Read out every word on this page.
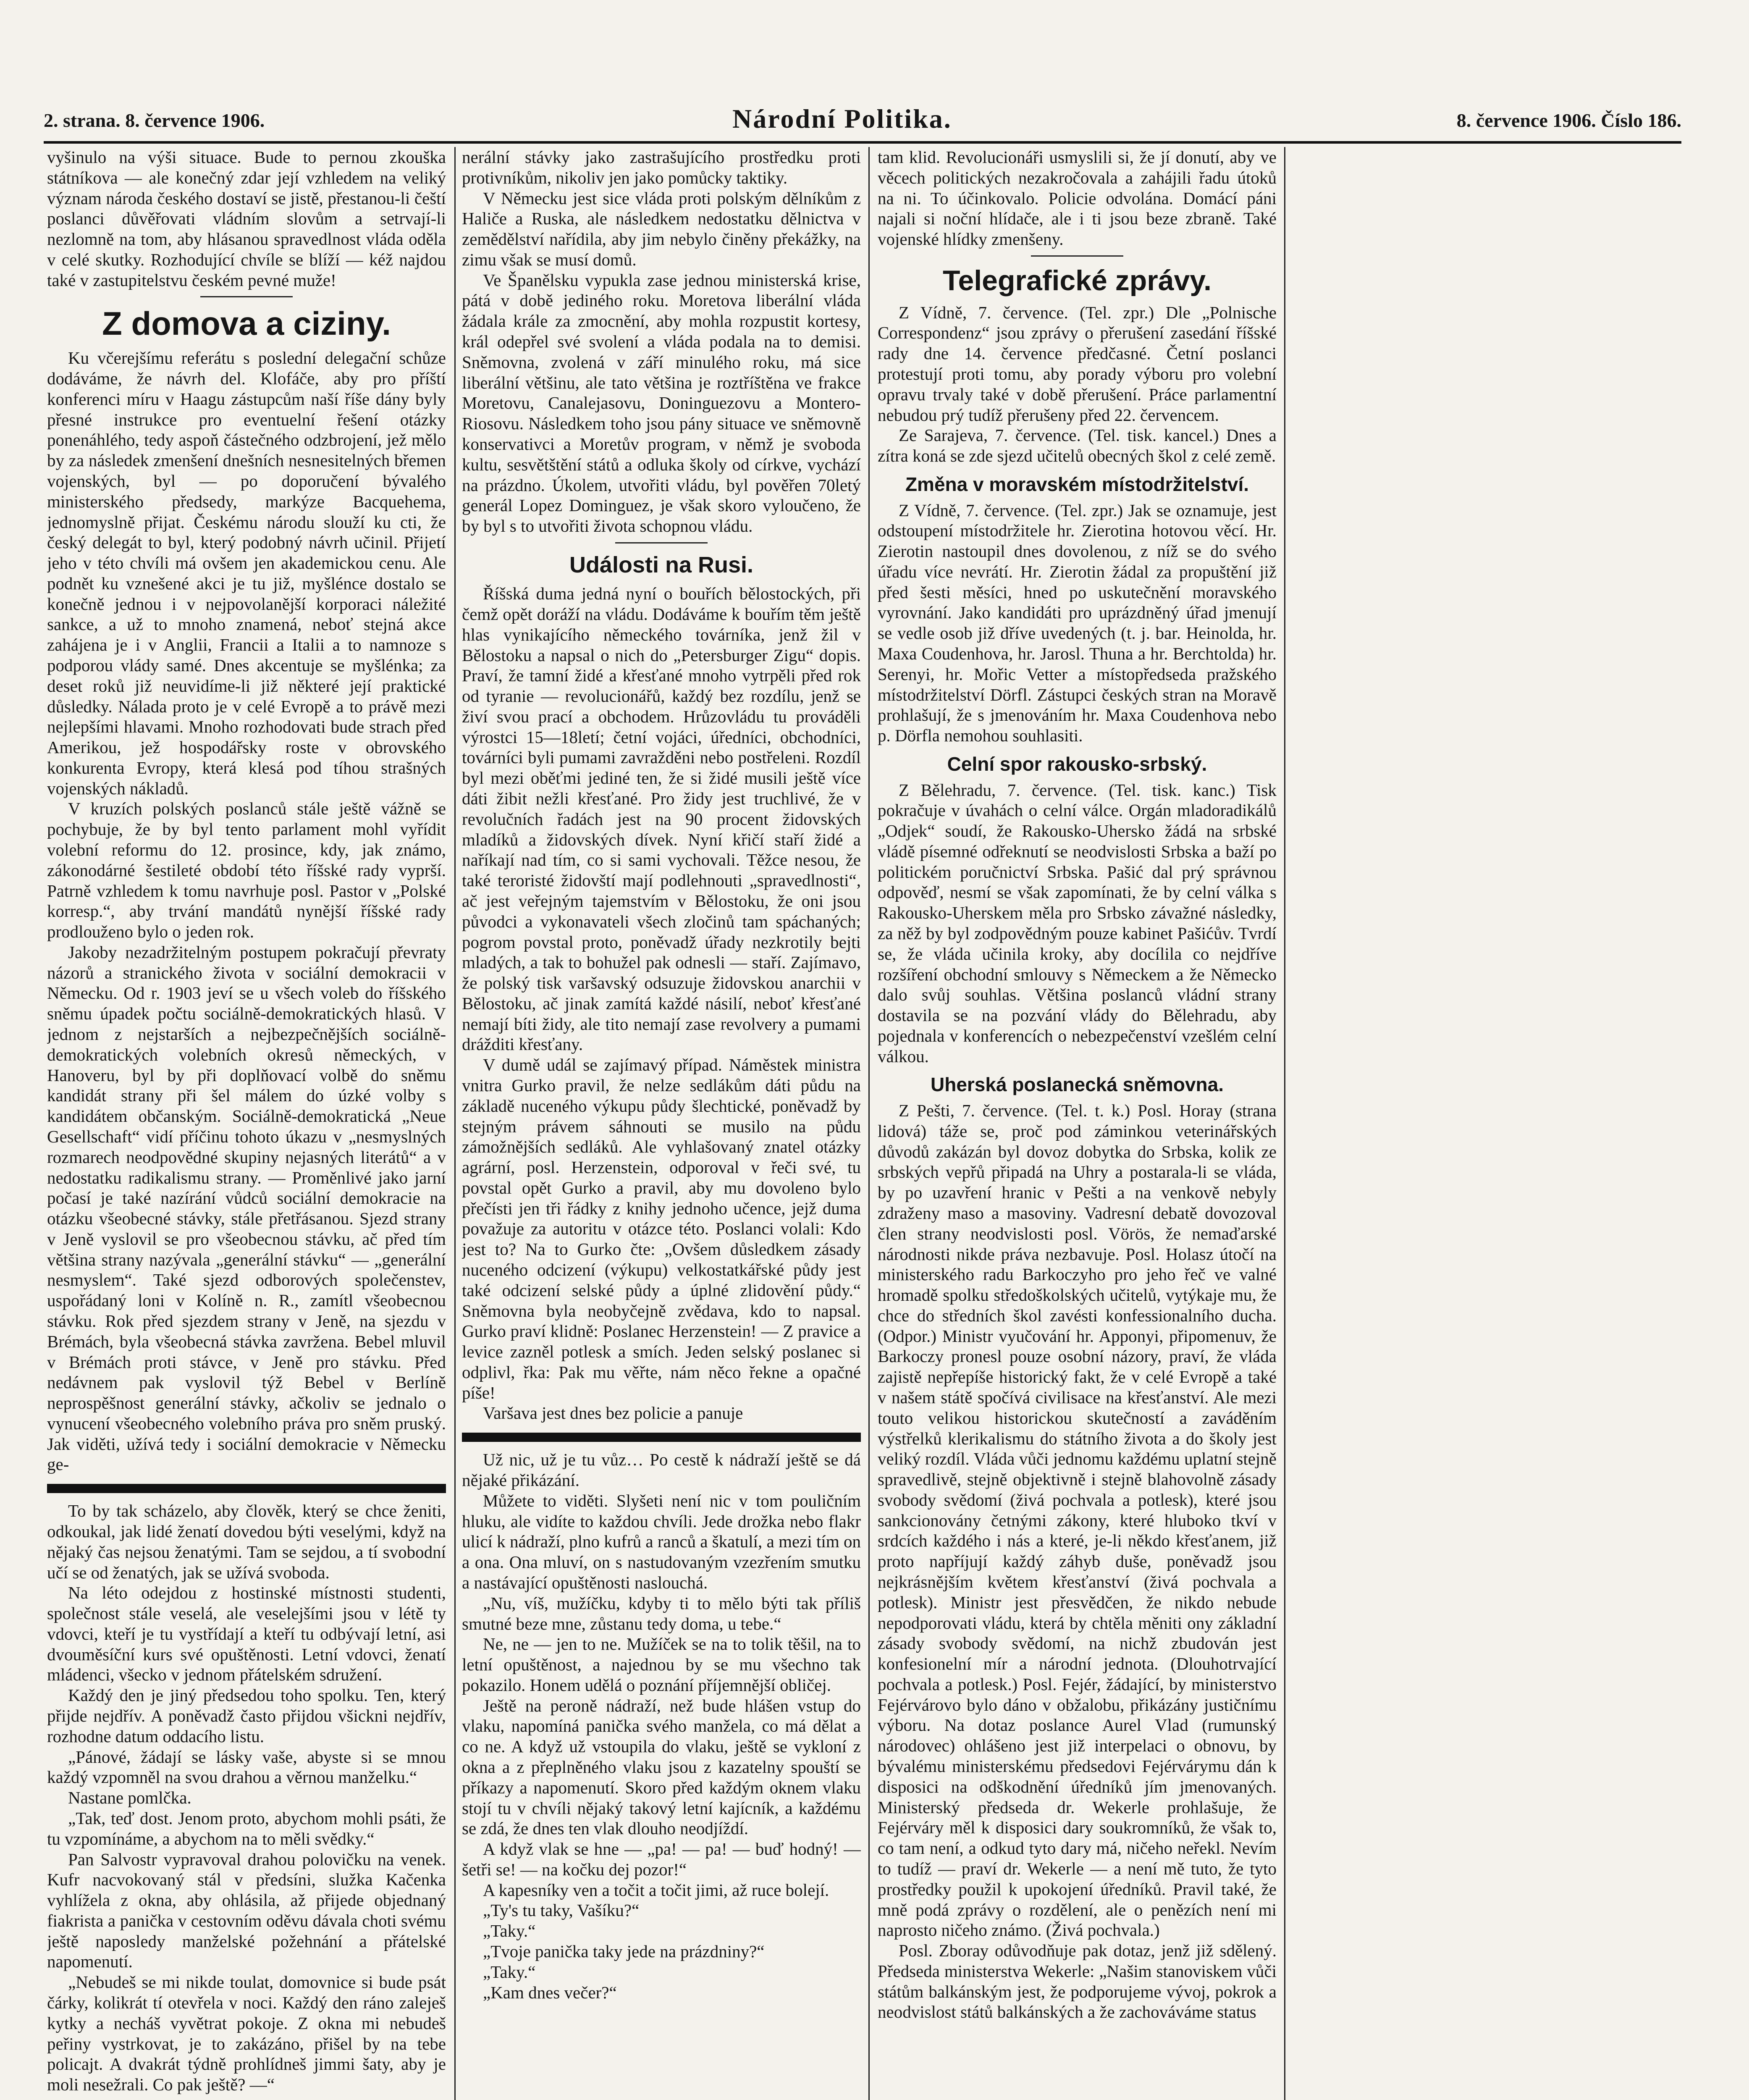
2. strana. 8. července 1906.	Národní Politika.	8. července 1906. Číslo 186.

vyšinulo na výši situace. Bude to pernou zkouška státníkova — ale konečný zdar její vzhledem na veliký význam národa českého dostaví se jistě, přestanou-li čeští poslanci důvěřovati vládním slovům a setrvají-li nezlomně na tom, aby hlásanou spravedlnost vláda oděla v celé skutky. Rozhodující chvíle se blíží — kéž najdou také v zastupitelstvu českém pevné muže!

Z domova a ciziny.

Ku včerejšímu referátu s poslední delegační schůze dodáváme, že návrh del. Klofáče, aby pro příští konferenci míru v Haagu zástupcům naší říše dány byly přesné instrukce pro eventuelní řešení otázky ponenáhlého, tedy aspoň částečného odzbrojení, jež mělo by za následek zmenšení dnešních nesnesitelných břemen vojenských, byl — po doporučení bývalého ministerského předsedy, markýze Bacquehema, jednomyslně přijat. Českému národu slouží ku cti, že český delegát to byl, který podobný návrh učinil. Přijetí jeho v této chvíli má ovšem jen akademickou cenu. Ale podnět ku vznešené akci je tu již, myšlénce dostalo se konečně jednou i v nejpovolanější korporaci náležité sankce, a už to mnoho znamená, neboť stejná akce zahájena je i v Anglii, Francii a Italii a to namnoze s podporou vlády samé. Dnes akcentuje se myšlénka; za deset roků již neuvidíme-li již některé její praktické důsledky. Nálada proto je v celé Evropě a to právě mezi nejlepšími hlavami. Mnoho rozhodovati bude strach před Amerikou, jež hospodářsky roste v obrovského konkurenta Evropy, která klesá pod tíhou strašných vojenských nákladů.

V kruzích polských poslanců stále ještě vážně se pochybuje, že by byl tento parlament mohl vyřídit volební reformu do 12. prosince, kdy, jak známo, zákonodárné šestileté období této říšské rady vyprší. Patrně vzhledem k tomu navrhuje posl. Pastor v „Polské korresp.“, aby trvání mandátů nynější říšské rady prodlouženo bylo o jeden rok.

Jakoby nezadržitelným postupem pokračují převraty názorů a stranického života v sociální demokracii v Německu. Od r. 1903 jeví se u všech voleb do říšského sněmu úpadek počtu sociálně-demokratických hlasů. V jednom z nejstarších a nejbezpečnějších sociálně-demokratických volebních okresů německých, v Hanoveru, byl by při doplňovací volbě do sněmu kandidát strany při šel málem do úzké volby s kandidátem občanským. Sociálně-demokratická „Neue Gesellschaft“ vidí příčinu tohoto úkazu v „nesmyslných rozmarech neodpovědné skupiny nejasných literátů“ a v nedostatku radikalismu strany. — Proměnlivé jako jarní počasí je také nazírání vůdců sociální demokracie na otázku všeobecné stávky, stále přetřásanou. Sjezd strany v Jeně vyslovil se pro všeobecnou stávku, ač před tím většina strany nazývala „generální stávku“ — „generální nesmyslem“. Také sjezd odborových společenstev, uspořádaný loni v Kolíně n. R., zamítl všeobecnou stávku. Rok před sjezdem strany v Jeně, na sjezdu v Brémách, byla všeobecná stávka zavržena. Bebel mluvil v Brémách proti stávce, v Jeně pro stávku. Před nedávnem pak vyslovil týž Bebel v Berlíně neprospěšnost generální stávky, ačkoliv se jednalo o vynucení všeobecného volebního práva pro sněm pruský. Jak viděti, užívá tedy i sociální demokracie v Německu ge-

To by tak scházelo, aby člověk, který se chce ženiti, odkoukal, jak lidé ženatí dovedou býti veselými, když na nějaký čas nejsou ženatými. Tam se sejdou, a tí svobodní učí se od ženatých, jak se užívá svoboda.

Na léto odejdou z hostinské místnosti studenti, společnost stále veselá, ale veselejšími jsou v létě ty vdovci, kteří je tu vystřídají a kteří tu odbývají letní, asi dvouměsíční kurs své opuštěnosti. Letní vdovci, ženatí mládenci, všecko v jednom přátelském sdružení.

Každý den je jiný předsedou toho spolku. Ten, který přijde nejdřív. A poněvadž často přijdou všickni nejdřív, rozhodne datum oddacího listu.

„Pánové, žádají se lásky vaše, abyste si se mnou každý vzpomněl na svou drahou a věrnou manželku.“

Nastane pomlčka.

„Tak, teď dost. Jenom proto, abychom mohli psáti, že tu vzpomínáme, a abychom na to měli svědky.“

Pan Salvostr vypravoval drahou polovičku na venek. Kufr nacvokovaný stál v předsíni, služka Kačenka vyhlížela z okna, aby ohlásila, až přijede objednaný fiakrista a panička v cestovním oděvu dávala choti svému ještě naposledy manželské požehnání a přátelské napomenutí.

„Nebudeš se mi nikde toulat, domovnice si bude psát čárky, kolikrát tí otevřela v noci. Každý den ráno zaleješ kytky a necháš vyvětrat pokoje. Z okna mi nebudeš peřiny vystrkovat, je to zakázáno, přišel by na tebe policajt. A dvakrát týdně prohlídneš jimmi šaty, aby je moli nesežrali. Co pak ještě? —“

nerální stávky jako zastrašujícího prostředku proti protivníkům, nikoliv jen jako pomůcky taktiky.

V Německu jest sice vláda proti polským dělníkům z Haliče a Ruska, ale následkem nedostatku dělnictva v zemědělství nařídila, aby jim nebylo činěny překážky, na zimu však se musí domů.

Ve Španělsku vypukla zase jednou ministerská krise, pátá v době jediného roku. Moretova liberální vláda žádala krále za zmocnění, aby mohla rozpustit kortesy, král odepřel své svolení a vláda podala na to demisi. Sněmovna, zvolená v září minulého roku, má sice liberální většinu, ale tato většina je roztříštěna ve frakce Moretovu, Canalejasovu, Doninguezovu a Montero-Riosovu. Následkem toho jsou pány situace ve sněmovně konservativci a Moretův program, v němž je svoboda kultu, sesvětštění států a odluka školy od církve, vychází na prázdno. Úkolem, utvořiti vládu, byl pověřen 70letý generál Lopez Dominguez, je však skoro vyloučeno, že by byl s to utvořiti života schopnou vládu.

Události na Rusi.

Říšská duma jedná nyní o bouřích bělostockých, při čemž opět doráží na vládu. Dodáváme k bouřím těm ještě hlas vynikajícího německého továrníka, jenž žil v Bělostoku a napsal o nich do „Petersburger Zigu“ dopis. Praví, že tamní židé a křesťané mnoho vytrpěli před rok od tyranie — revolucionářů, každý bez rozdílu, jenž se živí svou prací a obchodem. Hrůzovládu tu prováděli výrostci 15—18letí; četní vojáci, úředníci, obchodníci, továrníci byli pumami zavražděni nebo postřeleni. Rozdíl byl mezi oběťmi jediné ten, že si židé musili ještě více dáti žibit nežli křesťané. Pro židy jest truchlivé, že v revolučních řadách jest na 90 procent židovských mladíků a židovských dívek. Nyní křičí staří židé a naříkají nad tím, co si sami vychovali. Těžce nesou, že také teroristé židovští mají podlehnouti „spravedlnosti“, ač jest veřejným tajemstvím v Bělostoku, že oni jsou původci a vykonavateli všech zločinů tam spáchaných; pogrom povstal proto, poněvadž úřady nezkrotily bejti mladých, a tak to bohužel pak odnesli — staří. Zajímavo, že polský tisk varšavský odsuzuje židovskou anarchii v Bělostoku, ač jinak zamítá každé násilí, neboť křesťané nemají bíti židy, ale tito nemají zase revolvery a pumami drážditi křesťany.

V dumě udál se zajímavý případ. Náměstek ministra vnitra Gurko pravil, že nelze sedlákům dáti půdu na základě nuceného výkupu půdy šlechtické, poněvadž by stejným právem sáhnouti se musilo na půdu zámožnějších sedláků. Ale vyhlašovaný znatel otázky agrární, posl. Herzenstein, odporoval v řeči své, tu povstal opět Gurko a pravil, aby mu dovoleno bylo přečísti jen tři řádky z knihy jednoho učence, jejž duma považuje za autoritu v otázce této. Poslanci volali: Kdo jest to? Na to Gurko čte: „Ovšem důsledkem zásady nuceného odcizení (výkupu) velkostatkářské půdy jest také odcizení selské půdy a úplné zlidovění půdy.“ Sněmovna byla neobyčejně zvědava, kdo to napsal. Gurko praví klidně: Poslanec Herzenstein! — Z pravice a levice zazněl potlesk a smích. Jeden selský poslanec si odplivl, řka: Pak mu věřte, nám něco řekne a opačné píše!

Varšava jest dnes bez policie a panuje

Už nic, už je tu vůz… Po cestě k nádraží ještě se dá nějaké přikázání.

Můžete to viděti. Slyšeti není nic v tom pouličním hluku, ale vidíte to každou chvíli. Jede drožka nebo flakr ulicí k nádraží, plno kufrů a ranců a škatulí, a mezi tím on a ona. Ona mluví, on s nastudovaným vzezřením smutku a nastávající opuštěnosti naslouchá.

„Nu, víš, mužíčku, kdyby ti to mělo býti tak příliš smutné beze mne, zůstanu tedy doma, u tebe.“

Ne, ne — jen to ne. Mužíček se na to tolik těšil, na to letní opuštěnost, a najednou by se mu všechno tak pokazilo. Honem udělá o poznání příjemnější obličej.

Ještě na peroně nádraží, než bude hlášen vstup do vlaku, napomíná panička svého manžela, co má dělat a co ne. A když už vstoupila do vlaku, ještě se vykloní z okna a z přeplněného vlaku jsou z kazatelny spouští se příkazy a napomenutí. Skoro před každým oknem vlaku stojí tu v chvíli nějaký takový letní kajícník, a každému se zdá, že dnes ten vlak dlouho neodjíždí.

A když vlak se hne — „pa! — pa! — buď hodný! — šetři se! — na kočku dej pozor!“

A kapesníky ven a točit a točit jimi, až ruce bolejí.

„Ty's tu taky, Vašíku?“

„Taky.“

„Tvoje panička taky jede na prázdniny?“

„Taky.“

„Kam dnes večer?“

tam klid. Revolucionáři usmyslili si, že jí donutí, aby ve věcech politických nezakročovala a zahájili řadu útoků na ni. To účinkovalo. Policie odvolána. Domácí páni najali si noční hlídače, ale i ti jsou beze zbraně. Také vojenské hlídky zmenšeny.

Telegrafické zprávy.

Z Vídně, 7. července. (Tel. zpr.) Dle „Polnische Correspondenz“ jsou zprávy o přerušení zasedání říšské rady dne 14. července předčasné. Četní poslanci protestují proti tomu, aby porady výboru pro volební opravu trvaly také v době přerušení. Práce parlamentní nebudou prý tudíž přerušeny před 22. červencem.

Ze Sarajeva, 7. července. (Tel. tisk. kancel.) Dnes a zítra koná se zde sjezd učitelů obecných škol z celé země.

Změna v moravském místodržitelství.

Z Vídně, 7. července. (Tel. zpr.) Jak se oznamuje, jest odstoupení místodržitele hr. Zierotina hotovou věcí. Hr. Zierotin nastoupil dnes dovolenou, z níž se do svého úřadu více nevrátí. Hr. Zierotin žádal za propuštění již před šesti měsíci, hned po uskutečnění moravského vyrovnání. Jako kandidáti pro uprázdněný úřad jmenují se vedle osob již dříve uvedených (t. j. bar. Heinolda, hr. Maxa Coudenhova, hr. Jarosl. Thuna a hr. Berchtolda) hr. Serenyi, hr. Mořic Vetter a místopředseda pražského místodržitelství Dörfl. Zástupci českých stran na Moravě prohlašují, že s jmenováním hr. Maxa Coudenhova nebo p. Dörfla nemohou souhlasiti.

Celní spor rakousko-srbský.

Z Bělehradu, 7. července. (Tel. tisk. kanc.) Tisk pokračuje v úvahách o celní válce. Orgán mladoradikálů „Odjek“ soudí, že Rakousko-Uhersko žádá na srbské vládě písemné odřeknutí se neodvislosti Srbska a baží po politickém poručnictví Srbska. Pašić dal prý správnou odpověď, nesmí se však zapomínati, že by celní válka s Rakousko-Uherskem měla pro Srbsko závažné následky, za něž by byl zodpovědným pouze kabinet Pašićův. Tvrdí se, že vláda učinila kroky, aby docílila co nejdříve rozšíření obchodní smlouvy s Německem a že Německo dalo svůj souhlas. Většina poslanců vládní strany dostavila se na pozvání vlády do Bělehradu, aby pojednala v konferencích o nebezpečenství vzešlém celní válkou.

Uherská poslanecká sněmovna.

Z Pešti, 7. července. (Tel. t. k.) Posl. Horay (strana lidová) táže se, proč pod záminkou veterinářských důvodů zakázán byl dovoz dobytka do Srbska, kolik ze srbských vepřů připadá na Uhry a postarala-li se vláda, by po uzavření hranic v Pešti a na venkově nebyly zdraženy maso a masoviny. Vadresní debatě dovozoval člen strany neodvislosti posl. Vörös, že nemaďarské národnosti nikde práva nezbavuje. Posl. Holasz útočí na ministerského radu Barkoczyho pro jeho řeč ve valné hromadě spolku středoškolských učitelů, vytýkaje mu, že chce do středních škol zavésti konfessionalního ducha. (Odpor.) Ministr vyučování hr. Apponyi, připomenuv, že Barkoczy pronesl pouze osobní názory, praví, že vláda zajistě nepřepíše historický fakt, že v celé Evropě a také v našem státě spočívá civilisace na křesťanství. Ale mezi touto velikou historickou skutečností a zaváděním výstřelků klerikalismu do státního života a do školy jest veliký rozdíl. Vláda vůči jednomu každému uplatní stejně spravedlivě, stejně objektivně i stejně blahovolně zásady svobody svědomí (živá pochvala a potlesk), které jsou sankcionovány četnými zákony, které hluboko tkví v srdcích každého i nás a které, je-li někdo křesťanem, již proto napříjují každý záhyb duše, poněvadž jsou nejkrásnějším květem křesťanství (živá pochvala a potlesk). Ministr jest přesvědčen, že nikdo nebude nepodporovati vládu, která by chtěla měniti ony základní zásady svobody svědomí, na nichž zbudován jest konfesionelní mír a národní jednota. (Dlouhotrvající pochvala a potlesk.) Posl. Fejér, žádající, by ministerstvo Fejérvárovo bylo dáno v obžalobu, přikázány justičnímu výboru. Na dotaz poslance Aurel Vlad (rumunský národovec) ohlášeno jest již interpelaci o obnovu, by bývalému ministerskému předsedovi Fejérvárymu dán k disposici na odškodnění úředníků jím jmenovaných. Ministerský předseda dr. Wekerle prohlašuje, že Fejérváry měl k disposici dary soukromníků, že však to, co tam není, a odkud tyto dary má, ničeho neřekl. Nevím to tudíž — praví dr. Wekerle — a není mě tuto, že tyto prostředky použil k upokojení úředníků. Pravil také, že mně podá zprávy o rozdělení, ale o penězích není mi naprosto ničeho známo. (Živá pochvala.)

Posl. Zboray odůvodňuje pak dotaz, jenž již sdělený. Předseda ministerstva Wekerle: „Našim stanoviskem vůči státům balkánským jest, že podporujeme vývoj, pokrok a neodvislost států balkánských a že zachováváme status
